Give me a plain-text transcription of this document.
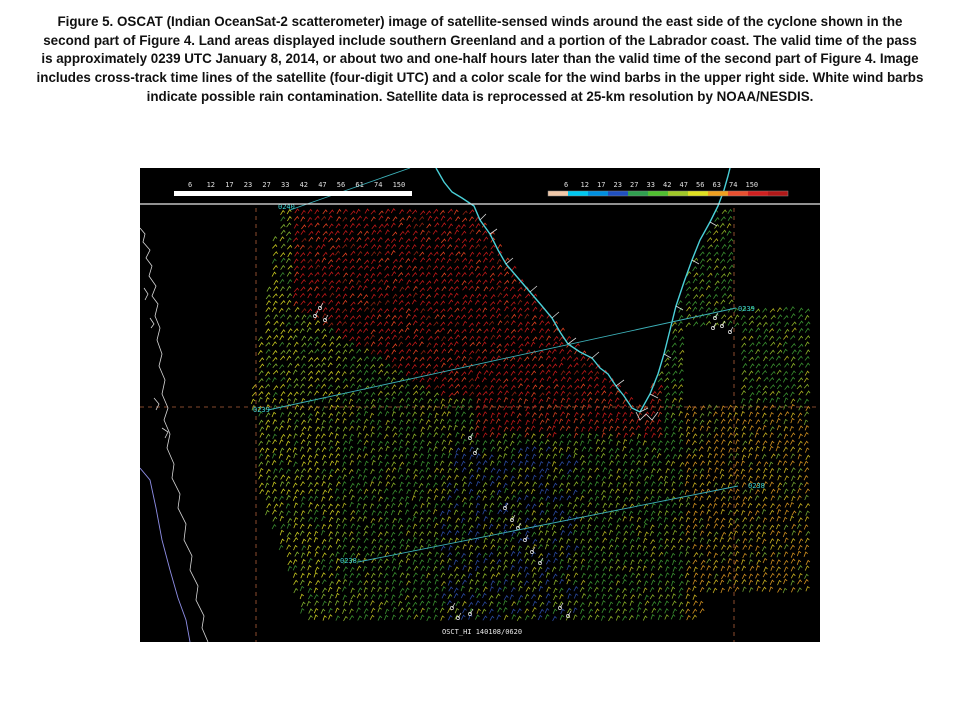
Figure 5. OSCAT (Indian OceanSat-2 scatterometer) image of satellite-sensed winds around the east side of the cyclone shown in the second part of Figure 4. Land areas displayed include southern Greenland and a portion of the Labrador coast. The valid time of the pass is approximately 0239 UTC January 8, 2014, or about two and one-half hours later than the valid time of the second part of Figure 4. Image includes cross-track time lines of the satellite (four-digit UTC) and a color scale for the wind barbs in the upper right side. White wind barbs indicate possible rain contamination. Satellite data is reprocessed at 25-km resolution by NOAA/NESDIS.
0240
0239
0239
0238
0238
6 12 17 23 27 33 42 47 56 61 74 150	6 12 17 23 27 33 42 47 56 63 74 150
OSCT_HI 140108/0620
